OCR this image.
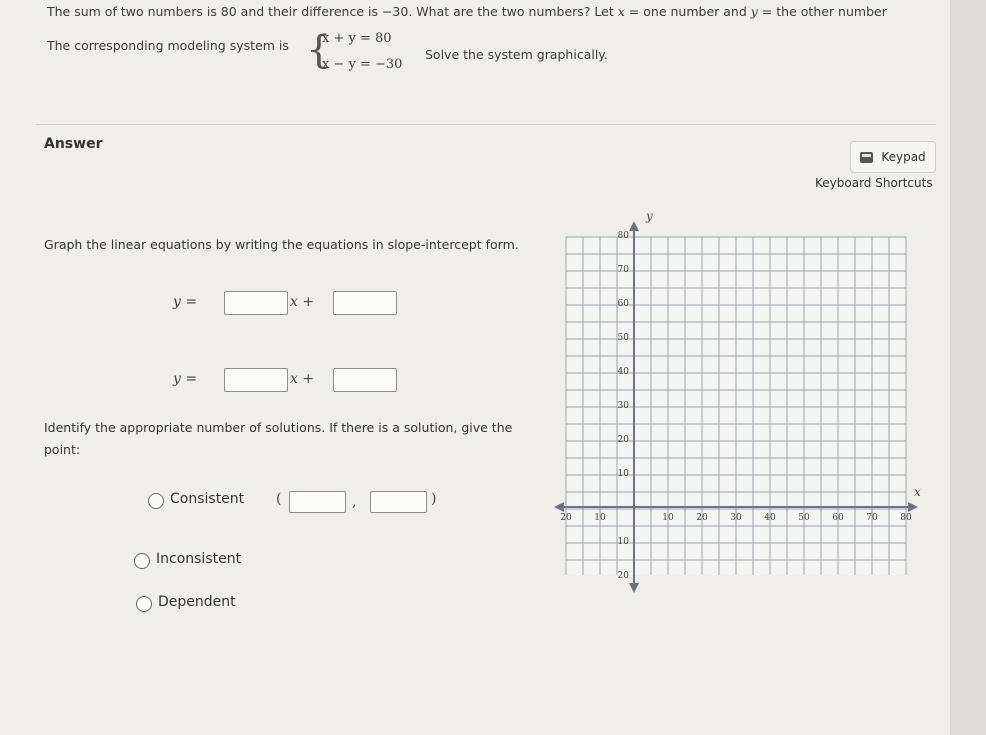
The sum of two numbers is 80 and their difference is −30. What are the two numbers? Let x = one number and y = the other number
The corresponding modeling system is {
x + y = 80
x − y = −30
Solve the system graphically.
Answer
Keypad
Keyboard Shortcuts
Graph the linear equations by writing the equations in slope-intercept form.
y =	x +
y =	x +
Identify the appropriate number of solutions. If there is a solution, give the
point:
Consistent (	,	)
Inconsistent
Dependent
20	10	10	20	30	40	50	60	70	80
80
70
60
50
40
30
20
10
10
20
x
y
